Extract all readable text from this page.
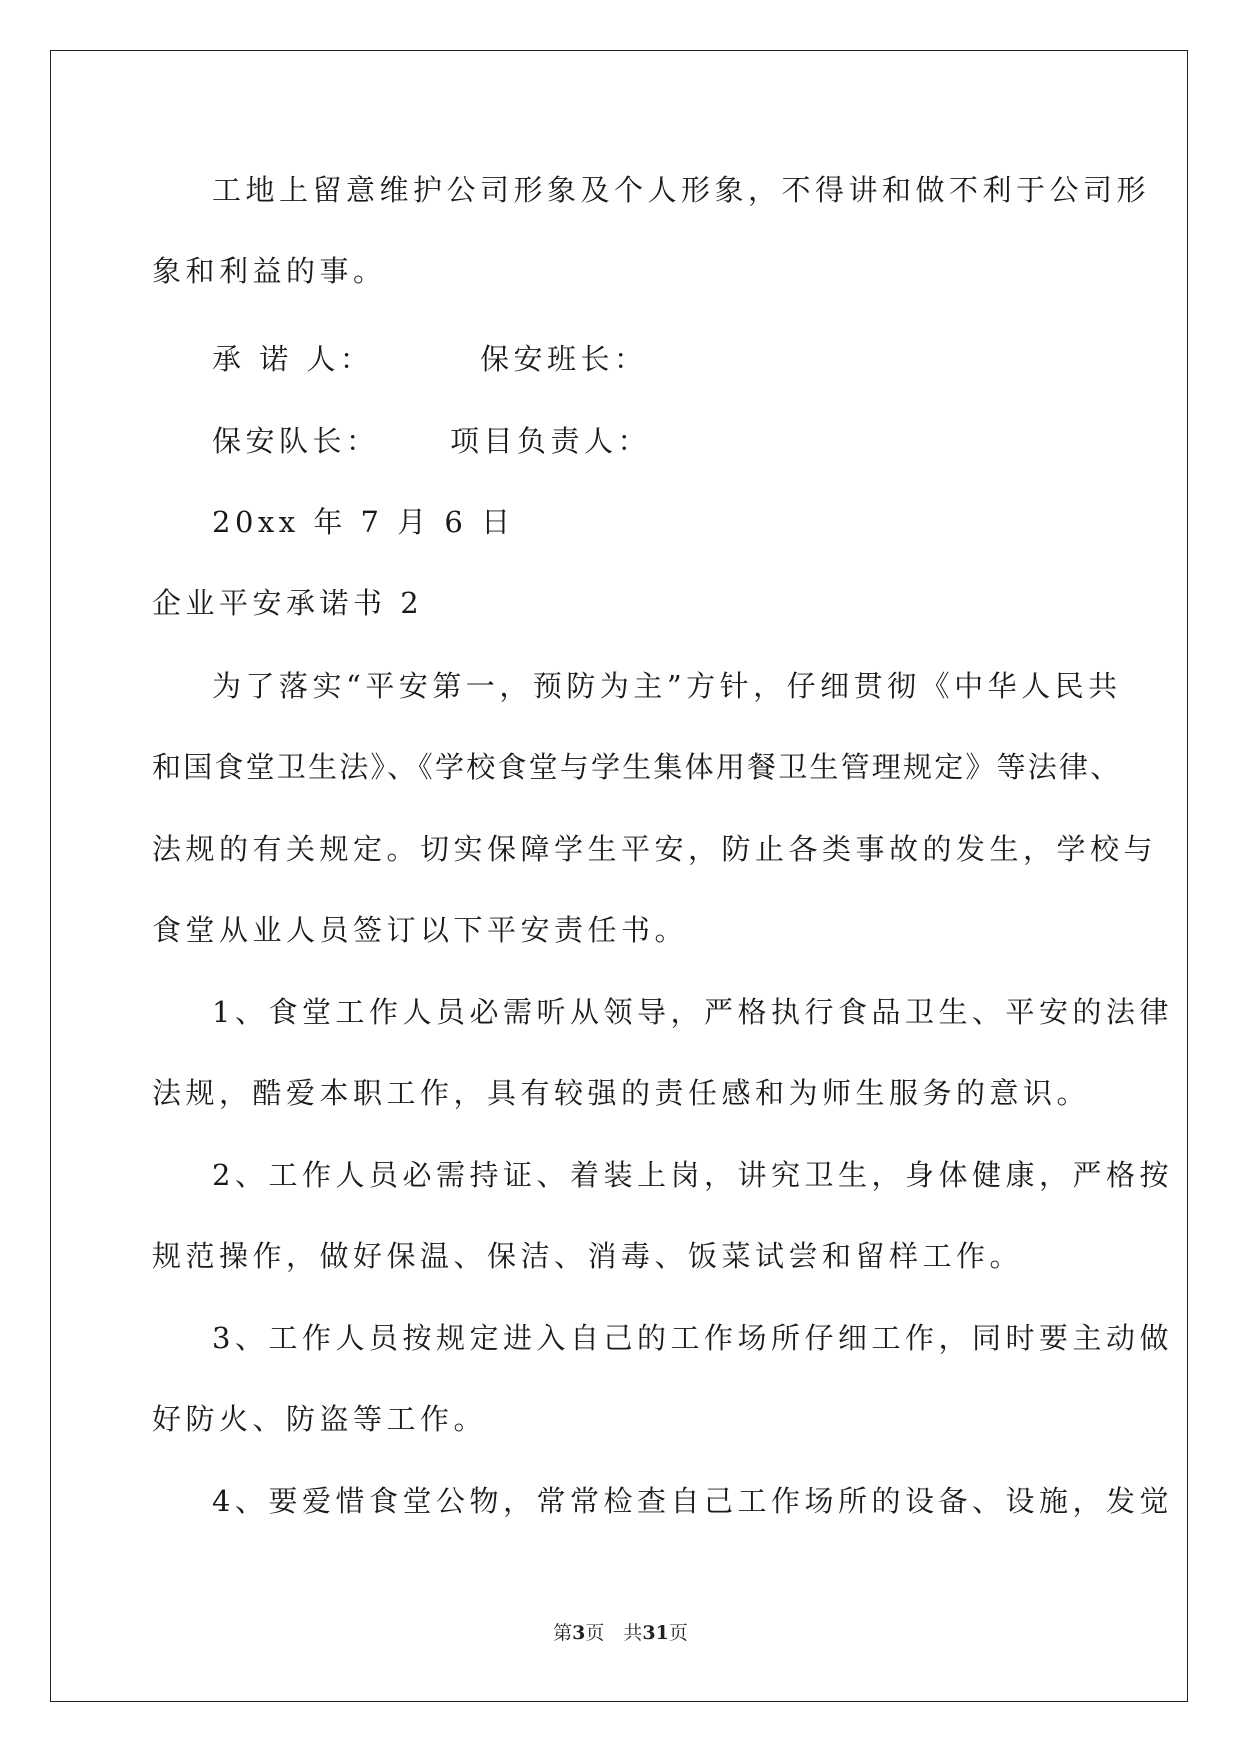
工地上留意维护公司形象及个人形象，不得讲和做不利于公司形
象和利益的事。
承 诺 人：	保安班长：
保安队长： 项目负责人：
20xx 年 7 月 6 日
企业平安承诺书 2
为了落实“平安第一，预防为主”方针，仔细贯彻《中华人民共
和国食堂卫生法》、《学校食堂与学生集体用餐卫生管理规定》等法律、
法规的有关规定。切实保障学生平安，防止各类事故的发生，学校与
食堂从业人员签订以下平安责任书。
1、食堂工作人员必需听从领导，严格执行食品卫生、平安的法律
法规，酷爱本职工作，具有较强的责任感和为师生服务的意识。
2、工作人员必需持证、着装上岗，讲究卫生，身体健康，严格按
规范操作，做好保温、保洁、消毒、饭菜试尝和留样工作。
3、工作人员按规定进入自己的工作场所仔细工作，同时要主动做
好防火、防盗等工作。
4、要爱惜食堂公物，常常检查自己工作场所的设备、设施，发觉
第3页　共31页
